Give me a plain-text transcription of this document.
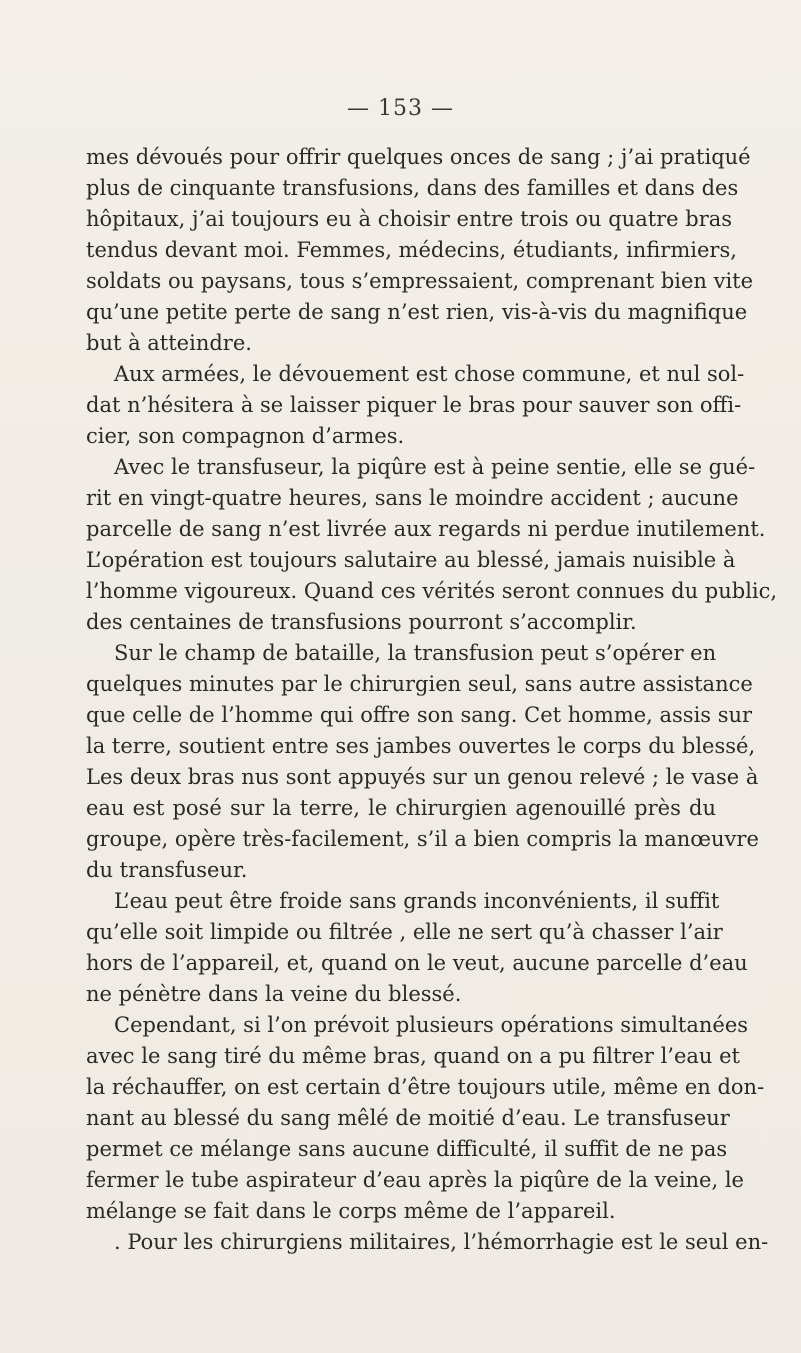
— 153 —
mes dévoués pour offrir quelques onces de sang ; j’ai pratiqué
plus de cinquante transfusions, dans des familles et dans des
hôpitaux, j’ai toujours eu à choisir entre trois ou quatre bras
tendus devant moi. Femmes, médecins, étudiants, infirmiers,
soldats ou paysans, tous s’empressaient, comprenant bien vite
qu’une petite perte de sang n’est rien, vis-à-vis du magnifique
but à atteindre.
Aux armées, le dévouement est chose commune, et nul sol-
dat n’hésitera à se laisser piquer le bras pour sauver son offi-
cier, son compagnon d’armes.
Avec le transfuseur, la piqûre est à peine sentie, elle se gué-
rit en vingt-quatre heures, sans le moindre accident ; aucune
parcelle de sang n’est livrée aux regards ni perdue inutilement.
L’opération est toujours salutaire au blessé, jamais nuisible à
l’homme vigoureux. Quand ces vérités seront connues du public,
des centaines de transfusions pourront s’accomplir.
Sur le champ de bataille, la transfusion peut s’opérer en
quelques minutes par le chirurgien seul, sans autre assistance
que celle de l’homme qui offre son sang. Cet homme, assis sur
la terre, soutient entre ses jambes ouvertes le corps du blessé,
Les deux bras nus sont appuyés sur un genou relevé ; le vase à
eau est posé sur la terre, le chirurgien agenouillé près du
groupe, opère très-facilement, s’il a bien compris la manœuvre
du transfuseur.
L’eau peut être froide sans grands inconvénients, il suffit
qu’elle soit limpide ou filtrée , elle ne sert qu’à chasser l’air
hors de l’appareil, et, quand on le veut, aucune parcelle d’eau
ne pénètre dans la veine du blessé.
Cependant, si l’on prévoit plusieurs opérations simultanées
avec le sang tiré du même bras, quand on a pu filtrer l’eau et
la réchauffer, on est certain d’être toujours utile, même en don-
nant au blessé du sang mêlé de moitié d’eau. Le transfuseur
permet ce mélange sans aucune difficulté, il suffit de ne pas
fermer le tube aspirateur d’eau après la piqûre de la veine, le
mélange se fait dans le corps même de l’appareil.
. Pour les chirurgiens militaires, l’hémorrhagie est le seul en-
